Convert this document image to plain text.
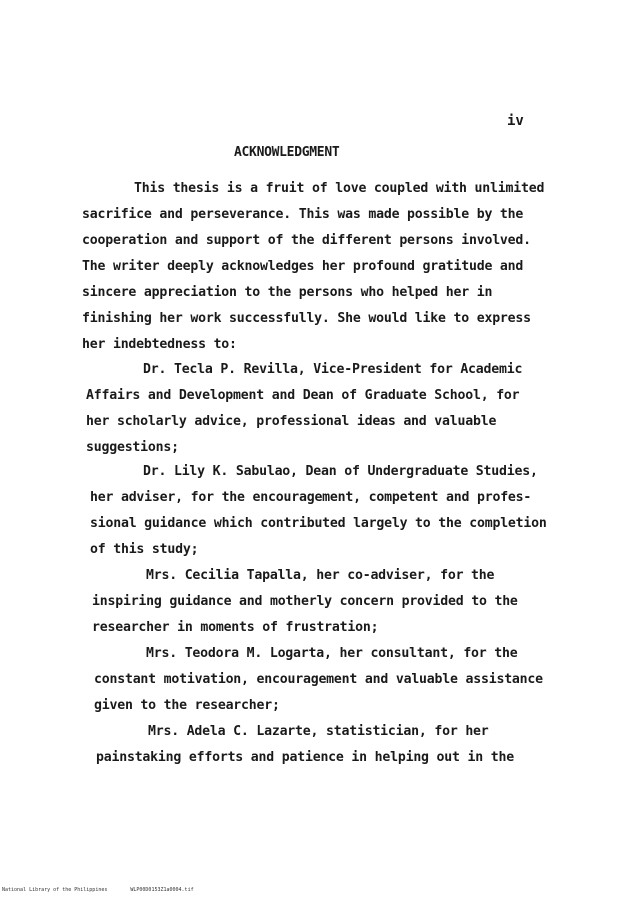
iv
ACKNOWLEDGMENT
This thesis is a fruit of love coupled with unlimited
sacrifice and perseverance. This was made possible by the
cooperation and support of the different persons involved.
The writer deeply acknowledges her profound gratitude and
sincere appreciation to the persons who helped her in
finishing her work successfully. She would like to express
her indebtedness to:
Dr. Tecla P. Revilla, Vice-President for Academic
Affairs and Development and Dean of Graduate School, for
her scholarly advice, professional ideas and valuable
suggestions;
Dr. Lily K. Sabulao, Dean of Undergraduate Studies,
her adviser, for the encouragement, competent and profes-
sional guidance which contributed largely to the completion
of this study;
Mrs. Cecilia Tapalla, her co-adviser, for the
inspiring guidance and motherly concern provided to the
researcher in moments of frustration;
Mrs. Teodora M. Logarta, her consultant, for the
constant motivation, encouragement and valuable assistance
given to the researcher;
Mrs. Adela C. Lazarte, statistician, for her
painstaking efforts and patience in helping out in the
National Library of the Philippines	WLP00D0153Z1a0004.tif
